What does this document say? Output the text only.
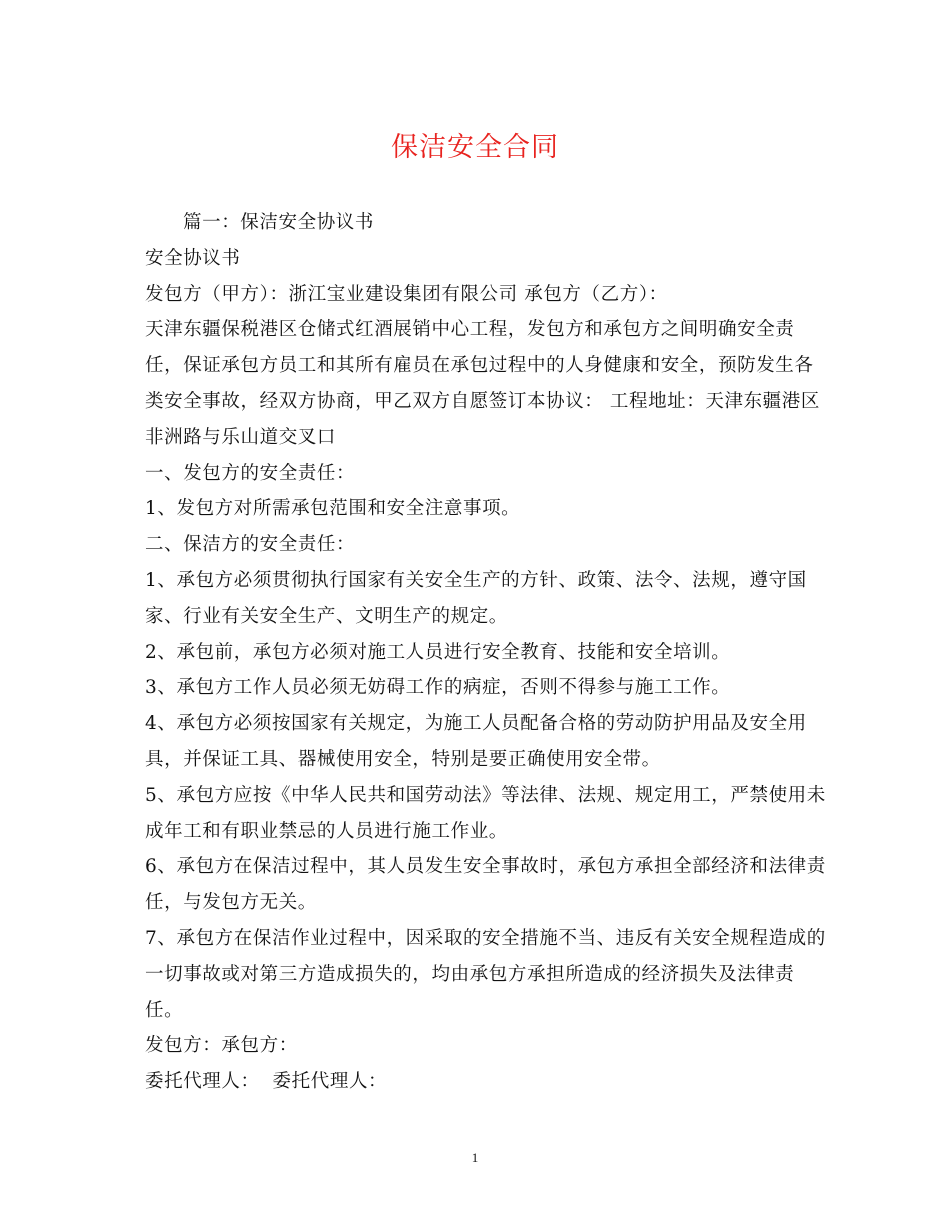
保洁安全合同
篇一：保洁安全协议书
安全协议书
发包方（甲方）：浙江宝业建设集团有限公司 承包方（乙方）：
天津东疆保税港区仓储式红酒展销中心工程，发包方和承包方之间明确安全责
任，保证承包方员工和其所有雇员在承包过程中的人身健康和安全，预防发生各
类安全事故，经双方协商，甲乙双方自愿签订本协议： 工程地址：天津东疆港区
非洲路与乐山道交叉口
一、发包方的安全责任：
1、发包方对所需承包范围和安全注意事项。
二、保洁方的安全责任：
1、承包方必须贯彻执行国家有关安全生产的方针、政策、法令、法规，遵守国
家、行业有关安全生产、文明生产的规定。
2、承包前，承包方必须对施工人员进行安全教育、技能和安全培训。
3、承包方工作人员必须无妨碍工作的病症，否则不得参与施工工作。
4、承包方必须按国家有关规定，为施工人员配备合格的劳动防护用品及安全用
具，并保证工具、器械使用安全，特别是要正确使用安全带。
5、承包方应按《中华人民共和国劳动法》等法律、法规、规定用工，严禁使用未
成年工和有职业禁忌的人员进行施工作业。
6、承包方在保洁过程中，其人员发生安全事故时，承包方承担全部经济和法律责
任，与发包方无关。
7、承包方在保洁作业过程中，因采取的安全措施不当、违反有关安全规程造成的
一切事故或对第三方造成损失的，均由承包方承担所造成的经济损失及法律责
任。
发包方：承包方：
委托代理人：  委托代理人：
1
